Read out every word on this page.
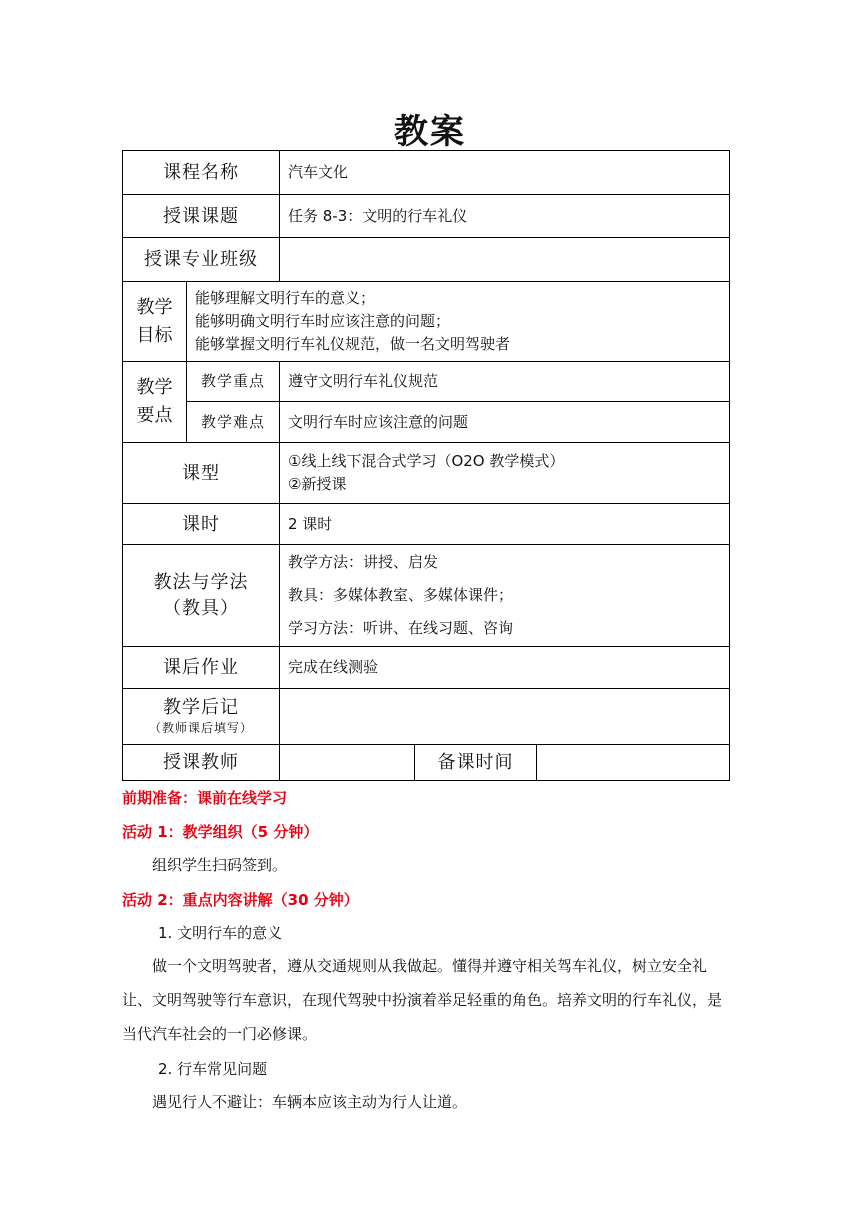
教案
课程名称		汽车文化		
授课课题		任务 8-3：文明的行车礼仪		
授课专业班级				

教学
目标	能够理解文明行车的意义；
能够明确文明行车时应该注意的问题；
能够掌握文明行车礼仪规范，做一名文明驾驶者			

教学
要点	教学重点	遵守文明行车礼仪规范		
	教学难点	文明行车时应该注意的问题		
课型		①线上线下混合式学习（O2O 教学模式）
②新授课		

课时		2 课时		

教法与学法
（教具）		教学方法：讲授、启发
教具：多媒体教室、多媒体课件；
学习方法：听讲、在线习题、咨询		

课后作业		完成在线测验		

教学后记
（教师课后填写）				

授课教师			备课时间	
前期准备：课前在线学习
活动 1：教学组织（5 分钟）
组织学生扫码签到。
活动 2：重点内容讲解（30 分钟）
1. 文明行车的意义
做一个文明驾驶者，遵从交通规则从我做起。懂得并遵守相关驾车礼仪，树立安全礼让、文明驾驶等行车意识，在现代驾驶中扮演着举足轻重的角色。培养文明的行车礼仪，是当代汽车社会的一门必修课。
2. 行车常见问题
遇见行人不避让：车辆本应该主动为行人让道。
